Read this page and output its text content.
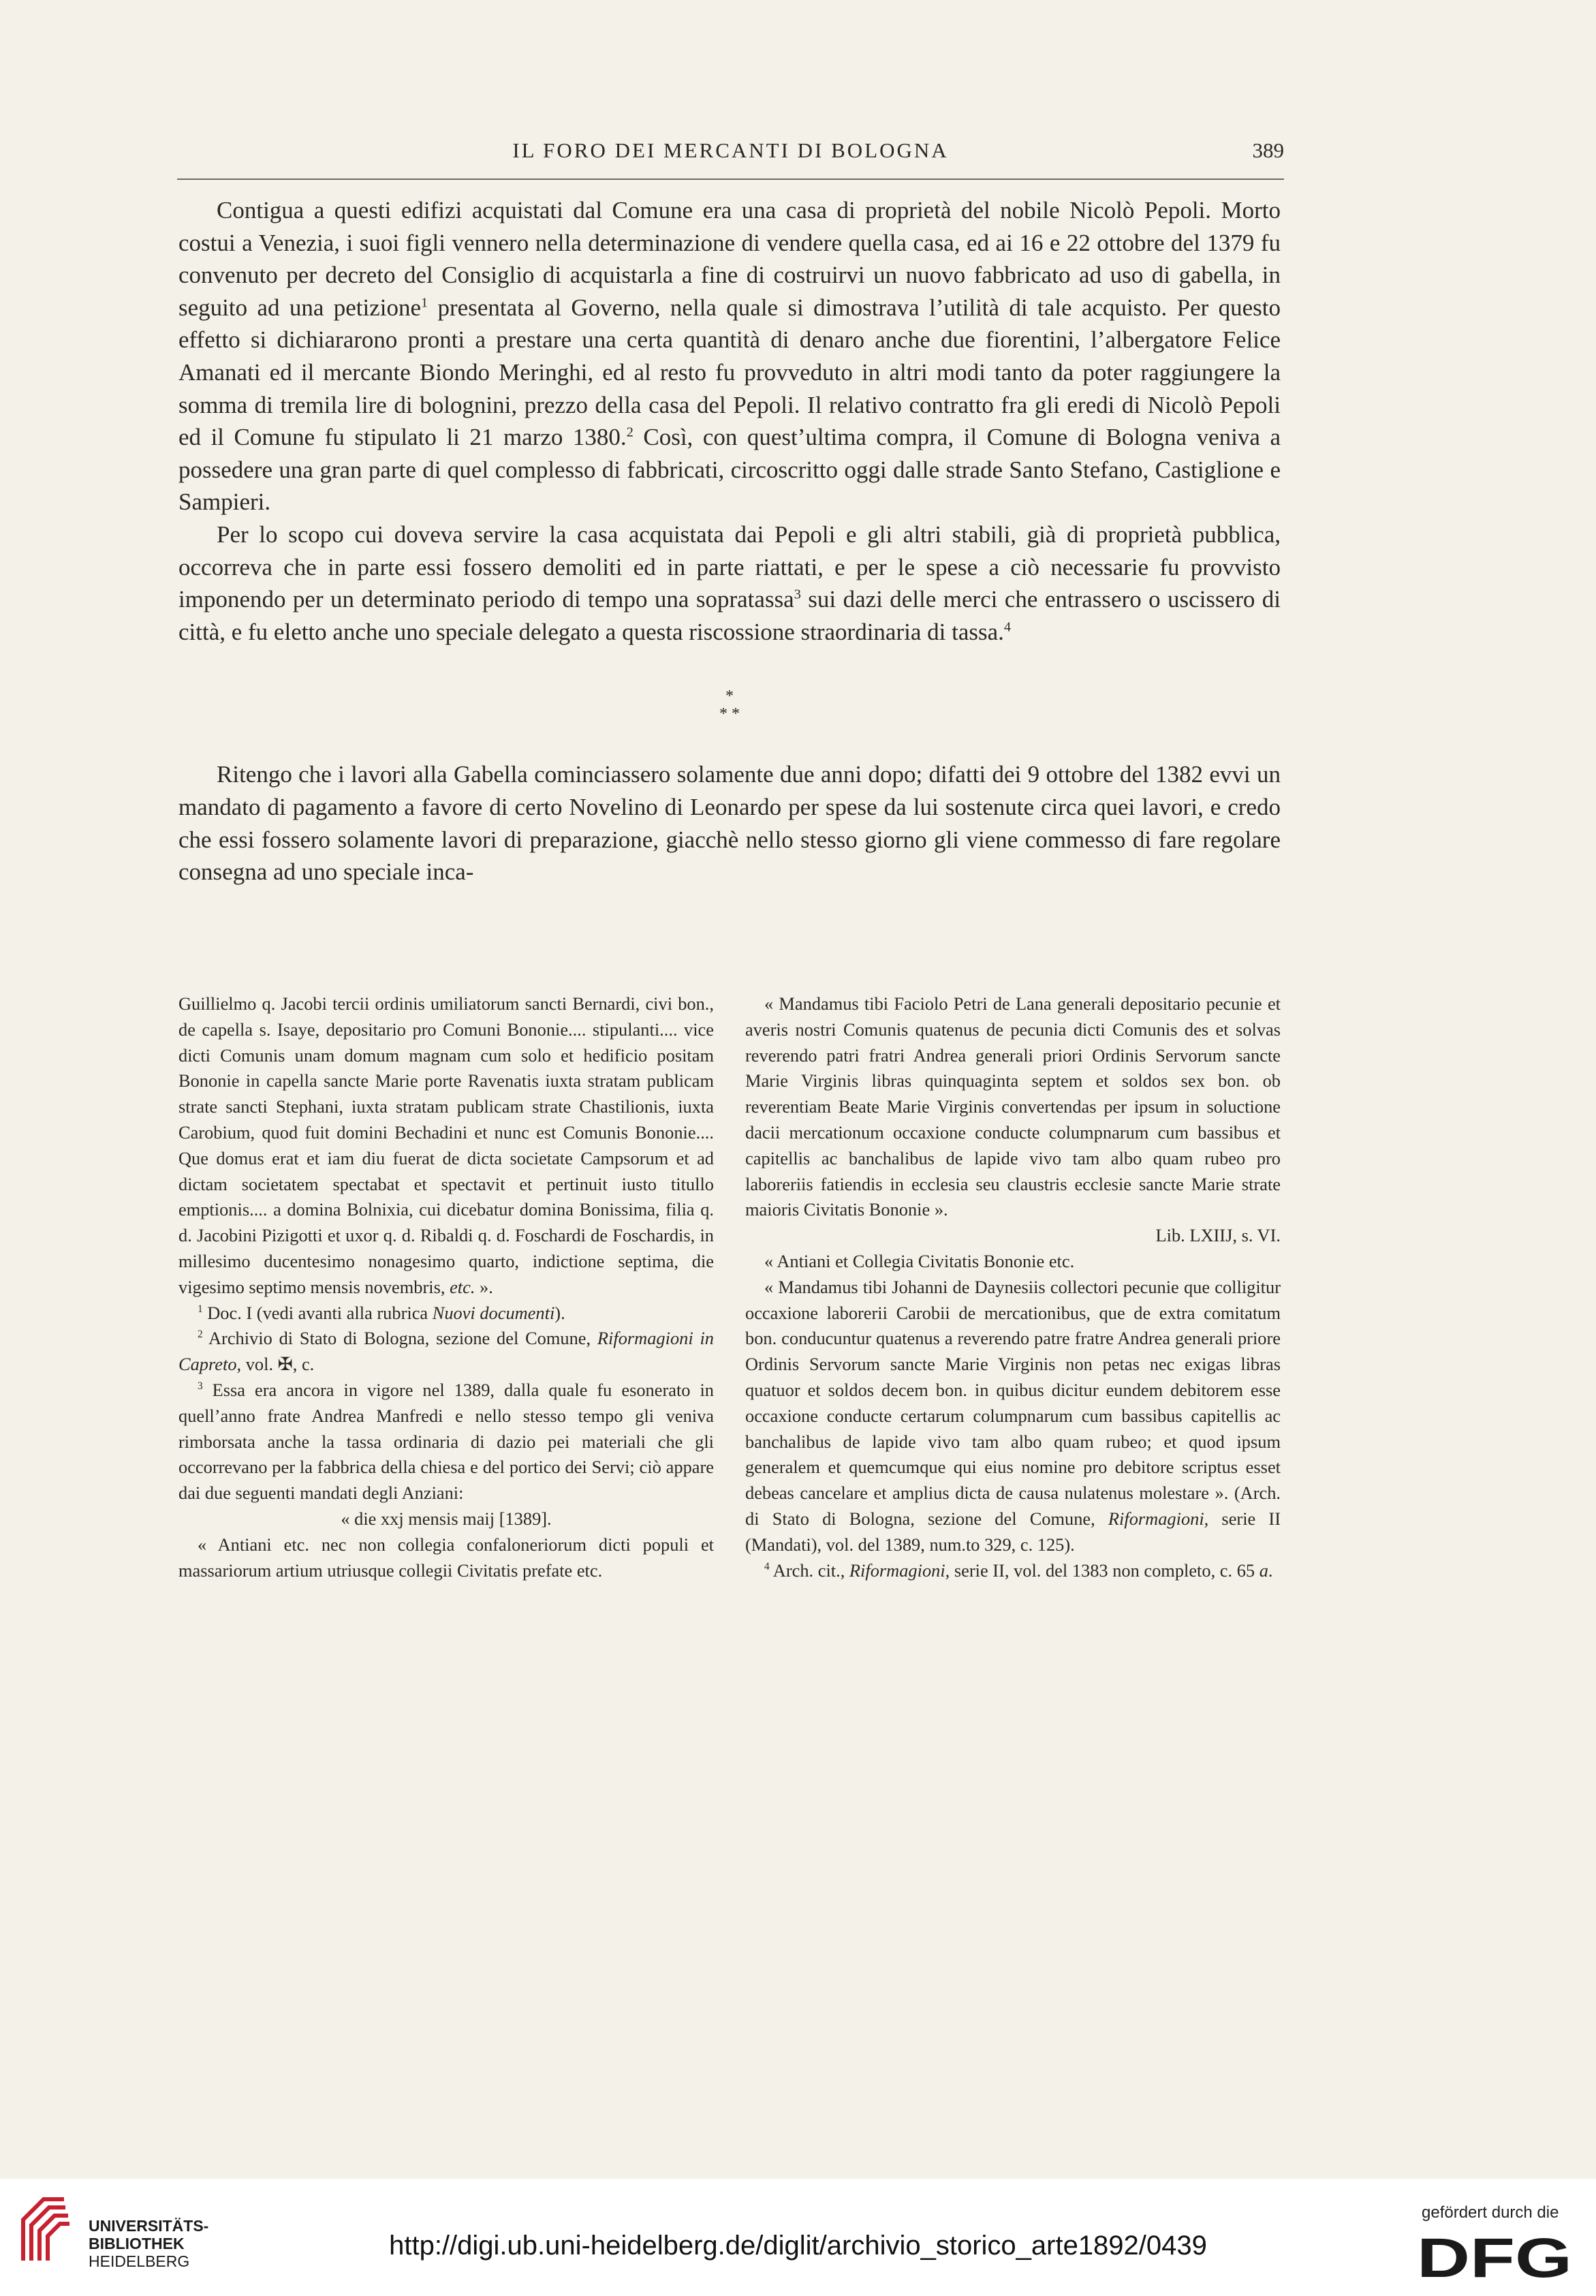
IL FORO DEI MERCANTI DI BOLOGNA	389

Contigua a questi edifizi acquistati dal Comune era una casa di proprietà del nobile Nicolò Pepoli. Morto costui a Venezia, i suoi figli vennero nella determinazione di vendere quella casa, ed ai 16 e 22 ottobre del 1379 fu convenuto per decreto del Consiglio di acquistarla a fine di costruirvi un nuovo fabbricato ad uso di gabella, in seguito ad una petizione$^1$ presentata al Governo, nella quale si dimostrava l’utilità di tale acquisto. Per questo effetto si dichiararono pronti a prestare una certa quantità di denaro anche due fiorentini, l’albergatore Felice Amanati ed il mercante Biondo Meringhi, ed al resto fu provveduto in altri modi tanto da poter raggiungere la somma di tremila lire di bolognini, prezzo della casa del Pepoli. Il relativo contratto fra gli eredi di Nicolò Pepoli ed il Comune fu stipulato li 21 marzo 1380.$^2$ Così, con quest’ultima compra, il Comune di Bologna veniva a possedere una gran parte di quel complesso di fabbricati, circoscritto oggi dalle strade Santo Stefano, Castiglione e Sampieri.

Per lo scopo cui doveva servire la casa acquistata dai Pepoli e gli altri stabili, già di proprietà pubblica, occorreva che in parte essi fossero demoliti ed in parte riattati, e per le spese a ciò necessarie fu provvisto imponendo per un determinato periodo di tempo una sopratassa$^3$ sui dazi delle merci che entrassero o uscissero di città, e fu eletto anche uno speciale delegato a questa riscossione straordinaria di tassa.$^4$

*
* *

Ritengo che i lavori alla Gabella cominciassero solamente due anni dopo; difatti dei 9 ottobre del 1382 evvi un mandato di pagamento a favore di certo Novelino di Leonardo per spese da lui sostenute circa quei lavori, e credo che essi fossero solamente lavori di preparazione, giacchè nello stesso giorno gli viene commesso di fare regolare consegna ad uno speciale inca-

Guillielmo q. Jacobi tercii ordinis umiliatorum sancti Bernardi, civi bon., de capella s. Isaye, depositario pro Comuni Bononie.... stipulanti.... vice dicti Comunis unam domum magnam cum solo et hedificio positam Bononie in capella sancte Marie porte Ravenatis iuxta stratam publicam strate sancti Stephani, iuxta stratam publicam strate Chastilionis, iuxta Carobium, quod fuit domini Bechadini et nunc est Comunis Bononie.... Que domus erat et iam diu fuerat de dicta societate Campsorum et ad dictam societatem spectabat et spectavit et pertinuit iusto titullo emptionis.... a domina Bolnixia, cui dicebatur domina Bonissima, filia q. d. Jacobini Pizigotti et uxor q. d. Ribaldi q. d. Foschardi de Foschardis, in millesimo ducentesimo nonagesimo quarto, indictione septima, die vigesimo septimo mensis novembris, etc. ».

$^1$ Doc. I (vedi avanti alla rubrica Nuovi documenti).

$^2$ Archivio di Stato di Bologna, sezione del Comune, Riformagioni in Capreto, vol. ✠, c.

$^3$ Essa era ancora in vigore nel 1389, dalla quale fu esonerato in quell’anno frate Andrea Manfredi e nello stesso tempo gli veniva rimborsata anche la tassa ordinaria di dazio pei materiali che gli occorrevano per la fabbrica della chiesa e del portico dei Servi; ciò appare dai due seguenti mandati degli Anziani:

« die xxj mensis maij [1389].

« Antiani etc. nec non collegia confaloneriorum dicti populi et massariorum artium utriusque collegii Civitatis prefate etc.

« Mandamus tibi Faciolo Petri de Lana generali depositario pecunie et averis nostri Comunis quatenus de pecunia dicti Comunis des et solvas reverendo patri fratri Andrea generali priori Ordinis Servorum sancte Marie Virginis libras quinquaginta septem et soldos sex bon. ob reverentiam Beate Marie Virginis convertendas per ipsum in soluctione dacii mercationum occaxione conducte columpnarum cum bassibus et capitellis ac banchalibus de lapide vivo tam albo quam rubeo pro laboreriis fatiendis in ecclesia seu claustris ecclesie sancte Marie strate maioris Civitatis Bononie ».

Lib. LXIIJ, s. VI.

« Antiani et Collegia Civitatis Bononie etc.

« Mandamus tibi Johanni de Daynesiis collectori pecunie que colligitur occaxione laborerii Carobii de mercationibus, que de extra comitatum bon. conducuntur quatenus a reverendo patre fratre Andrea generali priore Ordinis Servorum sancte Marie Virginis non petas nec exigas libras quatuor et soldos decem bon. in quibus dicitur eundem debitorem esse occaxione conducte certarum columpnarum cum bassibus capitellis ac banchalibus de lapide vivo tam albo quam rubeo; et quod ipsum generalem et quemcumque qui eius nomine pro debitore scriptus esset debeas cancelare et amplius dicta de causa nulatenus molestare ». (Arch. di Stato di Bologna, sezione del Comune, Riformagioni, serie II (Mandati), vol. del 1389, num.to 329, c. 125).

$^4$ Arch. cit., Riformagioni, serie II, vol. del 1383 non completo, c. 65 a.

UNIVERSITÄTS-
BIBLIOTHEK
HEIDELBERG
http://digi.ub.uni-heidelberg.de/diglit/archivio_storico_arte1892/0439
gefördert durch die
DFG
